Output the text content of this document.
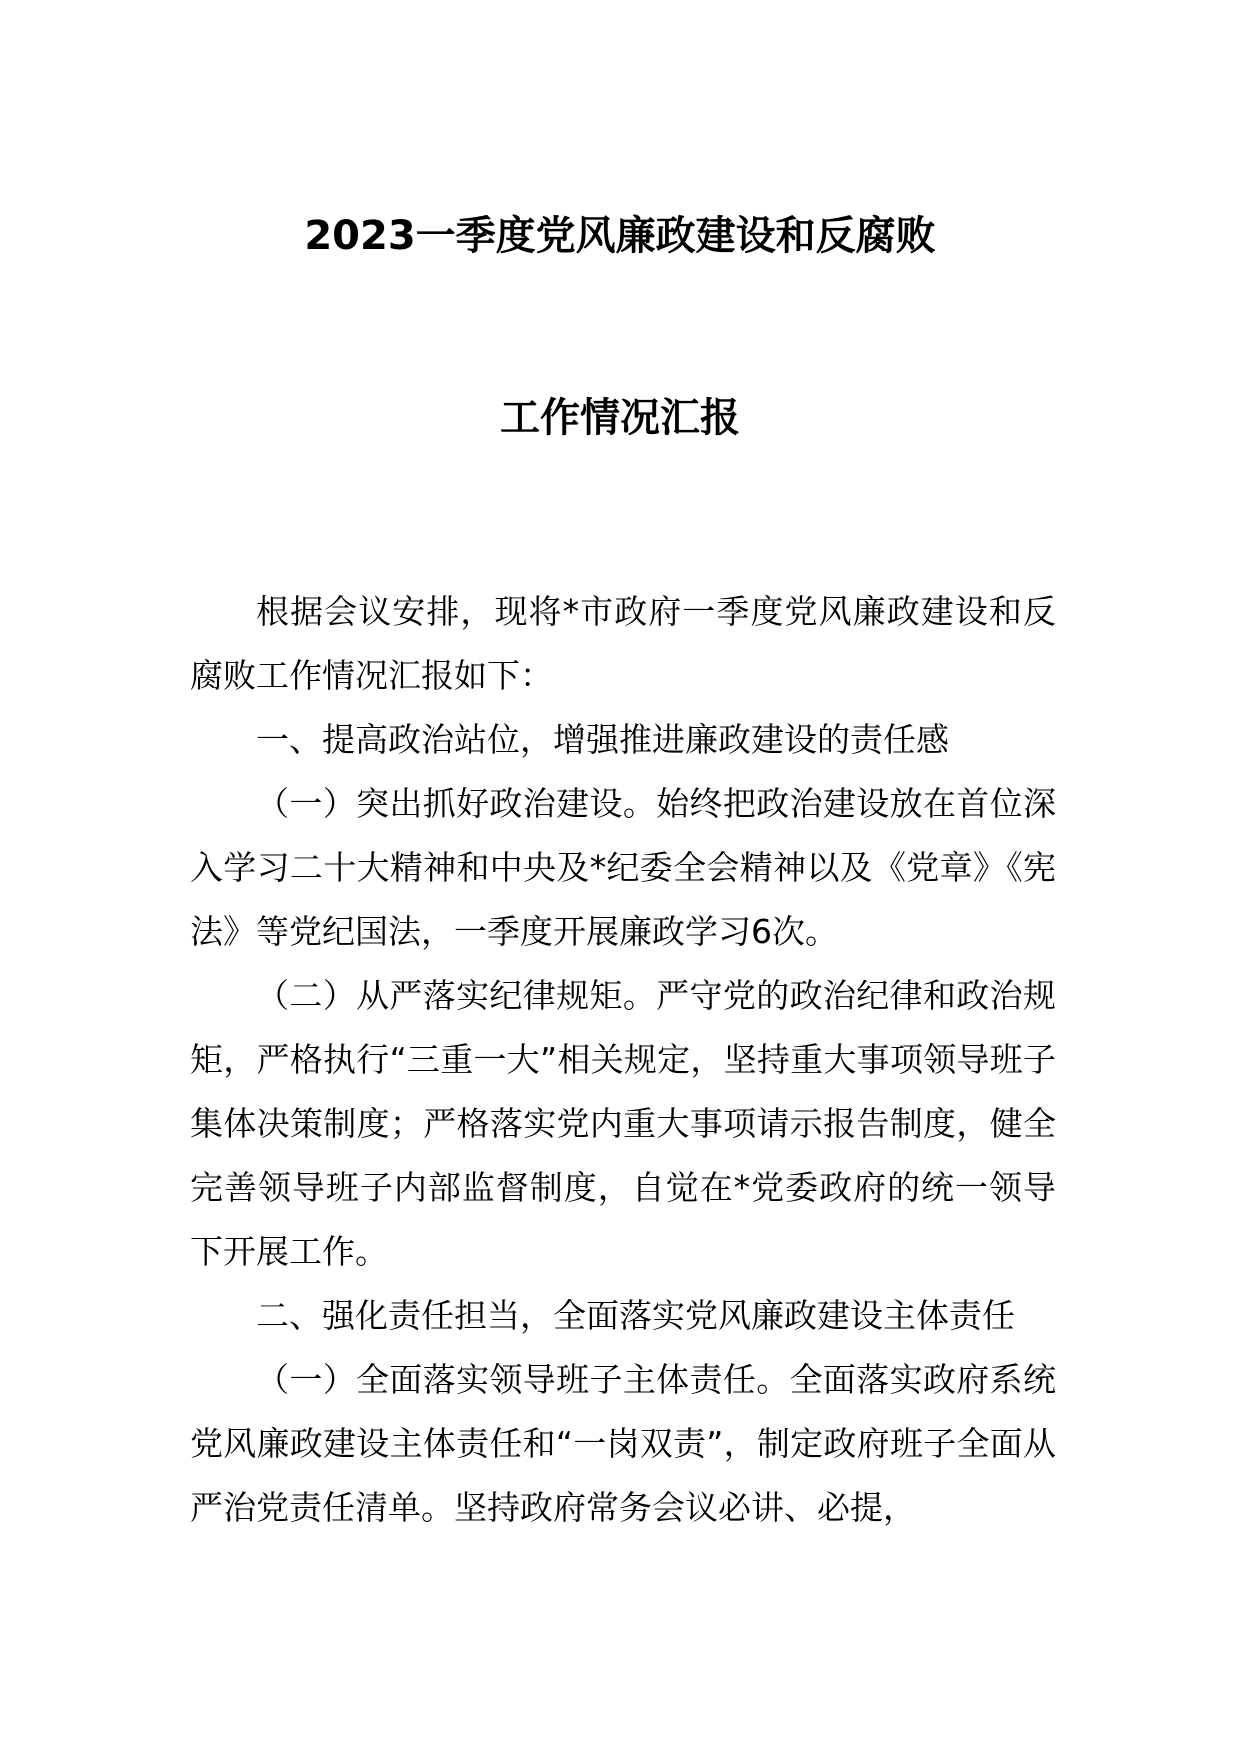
2023一季度党风廉政建设和反腐败
工作情况汇报

根据会议安排，现将*市政府一季度党风廉政建设和反腐败工作情况汇报如下：

一、提高政治站位，增强推进廉政建设的责任感

（一）突出抓好政治建设。始终把政治建设放在首位深入学习二十大精神和中央及*纪委全会精神以及《党章》《宪法》等党纪国法，一季度开展廉政学习6次。

（二）从严落实纪律规矩。严守党的政治纪律和政治规矩，严格执行“三重一大”相关规定，坚持重大事项领导班子集体决策制度；严格落实党内重大事项请示报告制度，健全完善领导班子内部监督制度，自觉在*党委政府的统一领导下开展工作。

二、强化责任担当，全面落实党风廉政建设主体责任

（一）全面落实领导班子主体责任。全面落实政府系统党风廉政建设主体责任和“一岗双责”，制定政府班子全面从严治党责任清单。坚持政府常务会议必讲、必提，
